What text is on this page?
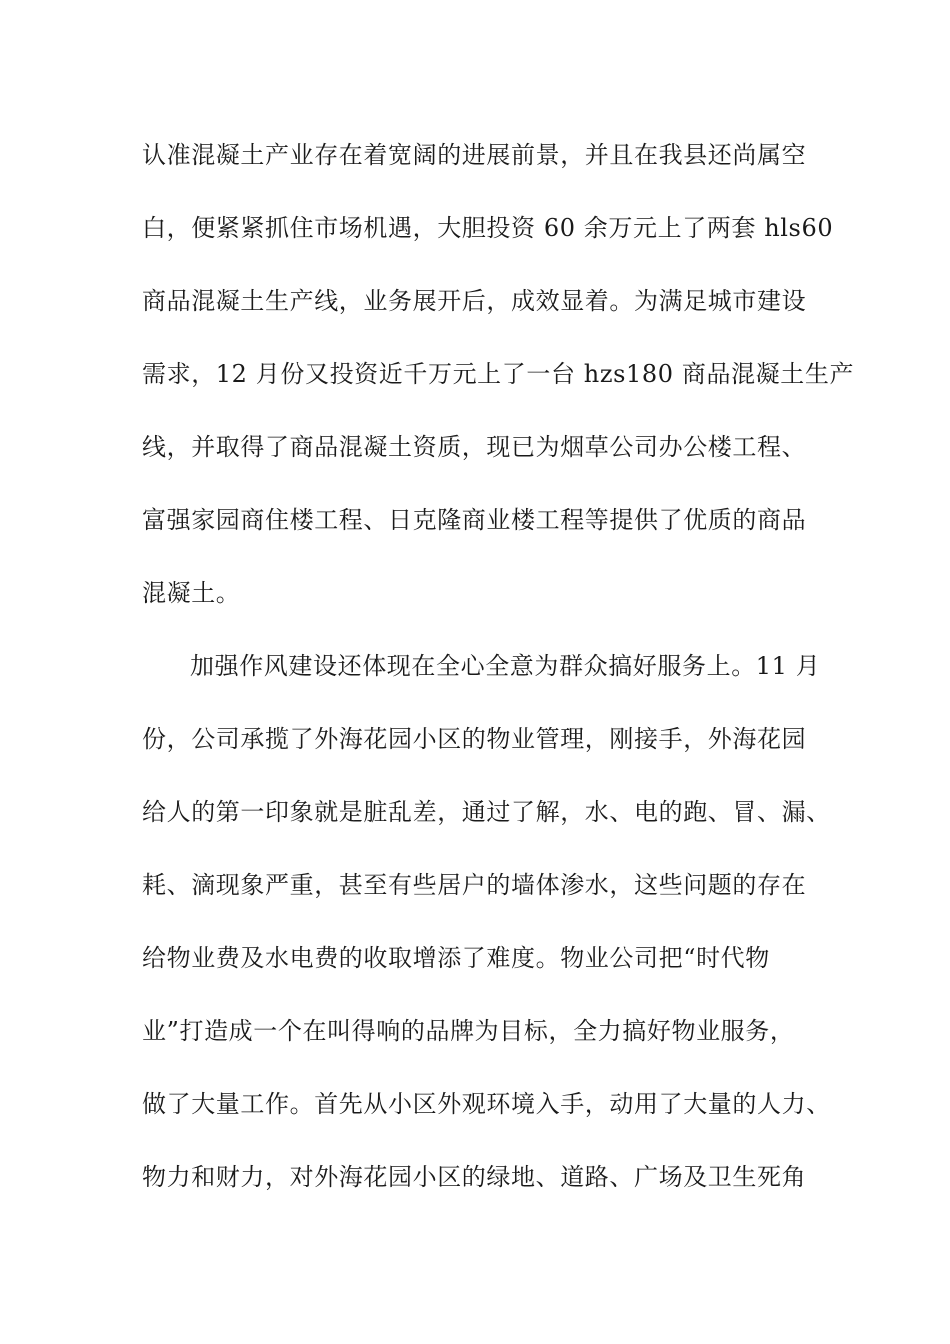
认准混凝土产业存在着宽阔的进展前景，并且在我县还尚属空
白，便紧紧抓住市场机遇，大胆投资 60 余万元上了两套 hls60
商品混凝土生产线，业务展开后，成效显着。为满足城市建设
需求，12 月份又投资近千万元上了一台 hzs180 商品混凝土生产
线，并取得了商品混凝土资质，现已为烟草公司办公楼工程、
富强家园商住楼工程、日克隆商业楼工程等提供了优质的商品
混凝土。
加强作风建设还体现在全心全意为群众搞好服务上。11 月
份，公司承揽了外海花园小区的物业管理，刚接手，外海花园
给人的第一印象就是脏乱差，通过了解，水、电的跑、冒、漏、
耗、滴现象严重，甚至有些居户的墙体渗水，这些问题的存在
给物业费及水电费的收取增添了难度。物业公司把“时代物
业”打造成一个在叫得响的品牌为目标，全力搞好物业服务，
做了大量工作。首先从小区外观环境入手，动用了大量的人力、
物力和财力，对外海花园小区的绿地、道路、广场及卫生死角
